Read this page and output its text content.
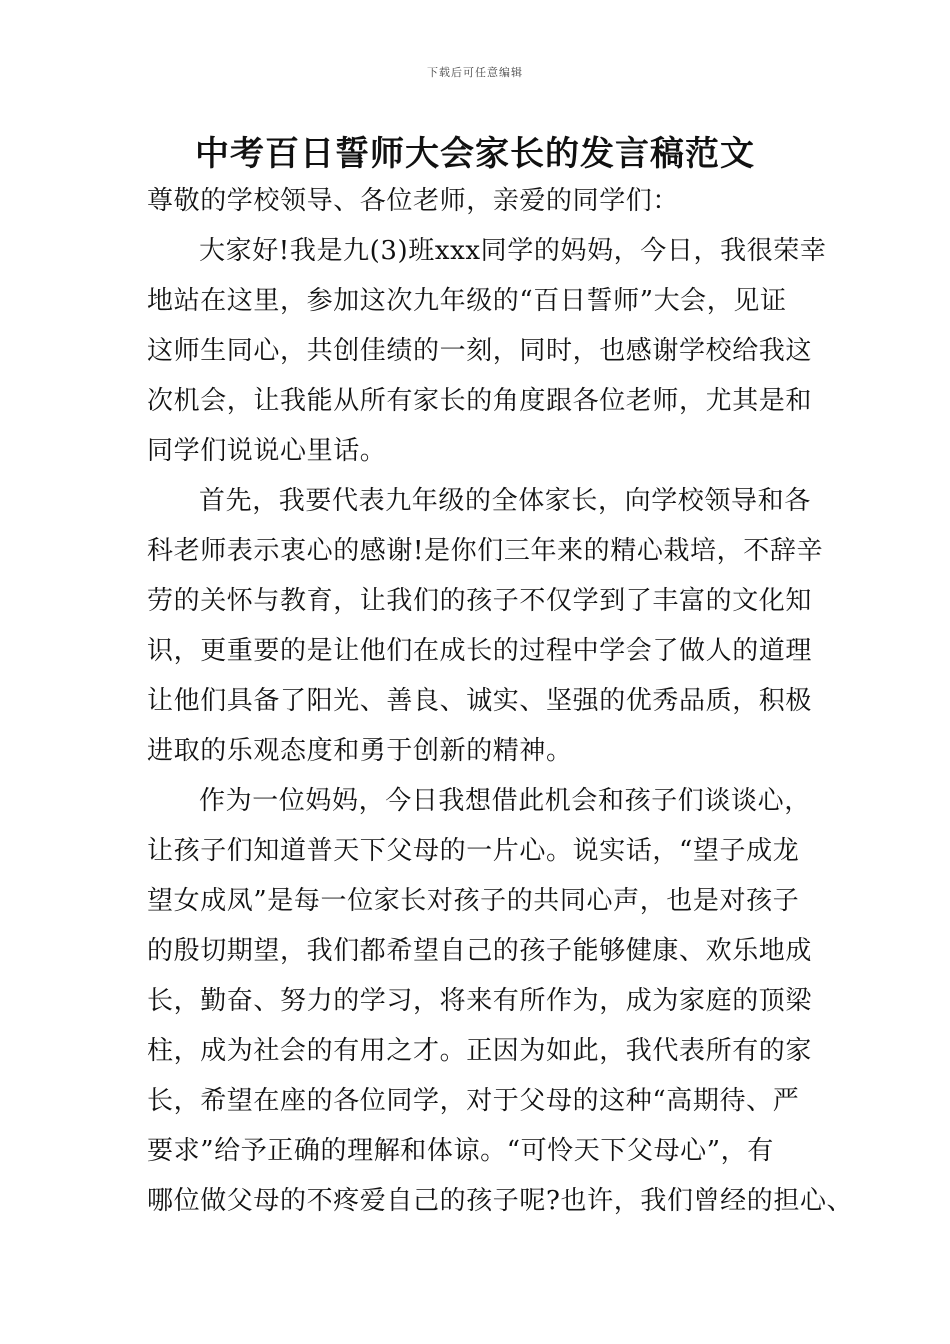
下载后可任意编辑
中考百日誓师大会家长的发言稿范文
尊敬的学校领导、各位老师，亲爱的同学们：
大家好!我是九(3)班xxx同学的妈妈，今日，我很荣幸
地站在这里，参加这次九年级的“百日誓师”大会，见证
这师生同心，共创佳绩的一刻，同时，也感谢学校给我这
次机会，让我能从所有家长的角度跟各位老师，尤其是和
同学们说说心里话。
首先，我要代表九年级的全体家长，向学校领导和各
科老师表示衷心的感谢!是你们三年来的精心栽培，不辞辛
劳的关怀与教育，让我们的孩子不仅学到了丰富的文化知
识，更重要的是让他们在成长的过程中学会了做人的道理
让他们具备了阳光、善良、诚实、坚强的优秀品质，积极
进取的乐观态度和勇于创新的精神。
作为一位妈妈，今日我想借此机会和孩子们谈谈心，
让孩子们知道普天下父母的一片心。说实话，“望子成龙
望女成凤”是每一位家长对孩子的共同心声，也是对孩子
的殷切期望，我们都希望自己的孩子能够健康、欢乐地成
长，勤奋、努力的学习，将来有所作为，成为家庭的顶梁
柱，成为社会的有用之才。正因为如此，我代表所有的家
长，希望在座的各位同学，对于父母的这种“高期待、严
要求”给予正确的理解和体谅。“可怜天下父母心”，有
哪位做父母的不疼爱自己的孩子呢?也许，我们曾经的担心、
